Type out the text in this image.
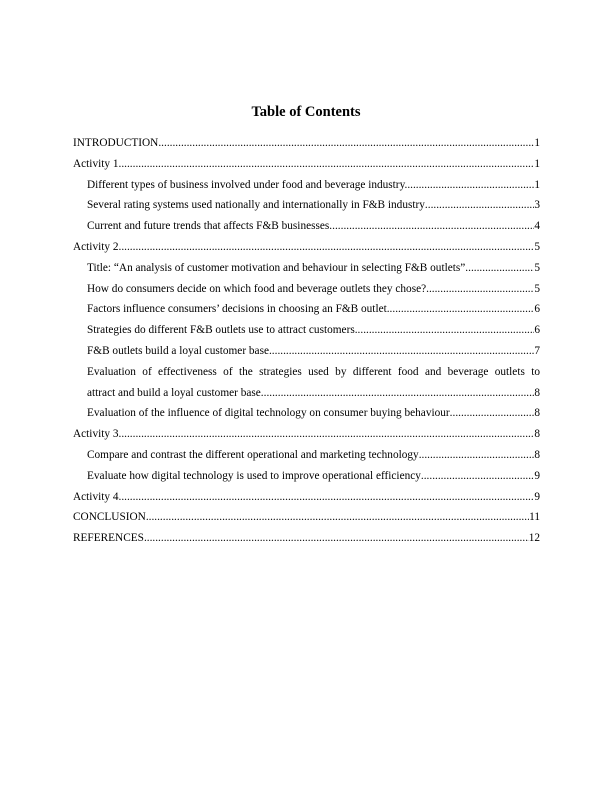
Table of Contents
INTRODUCTION .....	1
Activity 1 .....	1
Different types of business involved under food and beverage industry. .....	1
Several rating systems used nationally and internationally in F&B industry .....	3
Current and future trends that affects F&B businesses. .....	4
Activity 2 .....	5
Title: “An analysis of customer motivation and behaviour in selecting F&B outlets” .....	5
How do consumers decide on which food and beverage outlets they chose? .....	5
Factors influence consumers’ decisions in choosing an F&B outlet .....	6
Strategies do different F&B outlets use to attract customers .....	6
F&B outlets build a loyal customer base .....	7
Evaluation of effectiveness of the strategies used by different food and beverage outlets to
attract and build a loyal customer base .....	8
Evaluation of the influence of digital technology on consumer buying behaviour .....	8
Activity 3 .....	8
Compare and contrast the different operational and marketing technology .....	8
Evaluate how digital technology is used to improve operational efficiency .....	9
Activity 4 .....	9
CONCLUSION .....	11
REFERENCES .....	12
